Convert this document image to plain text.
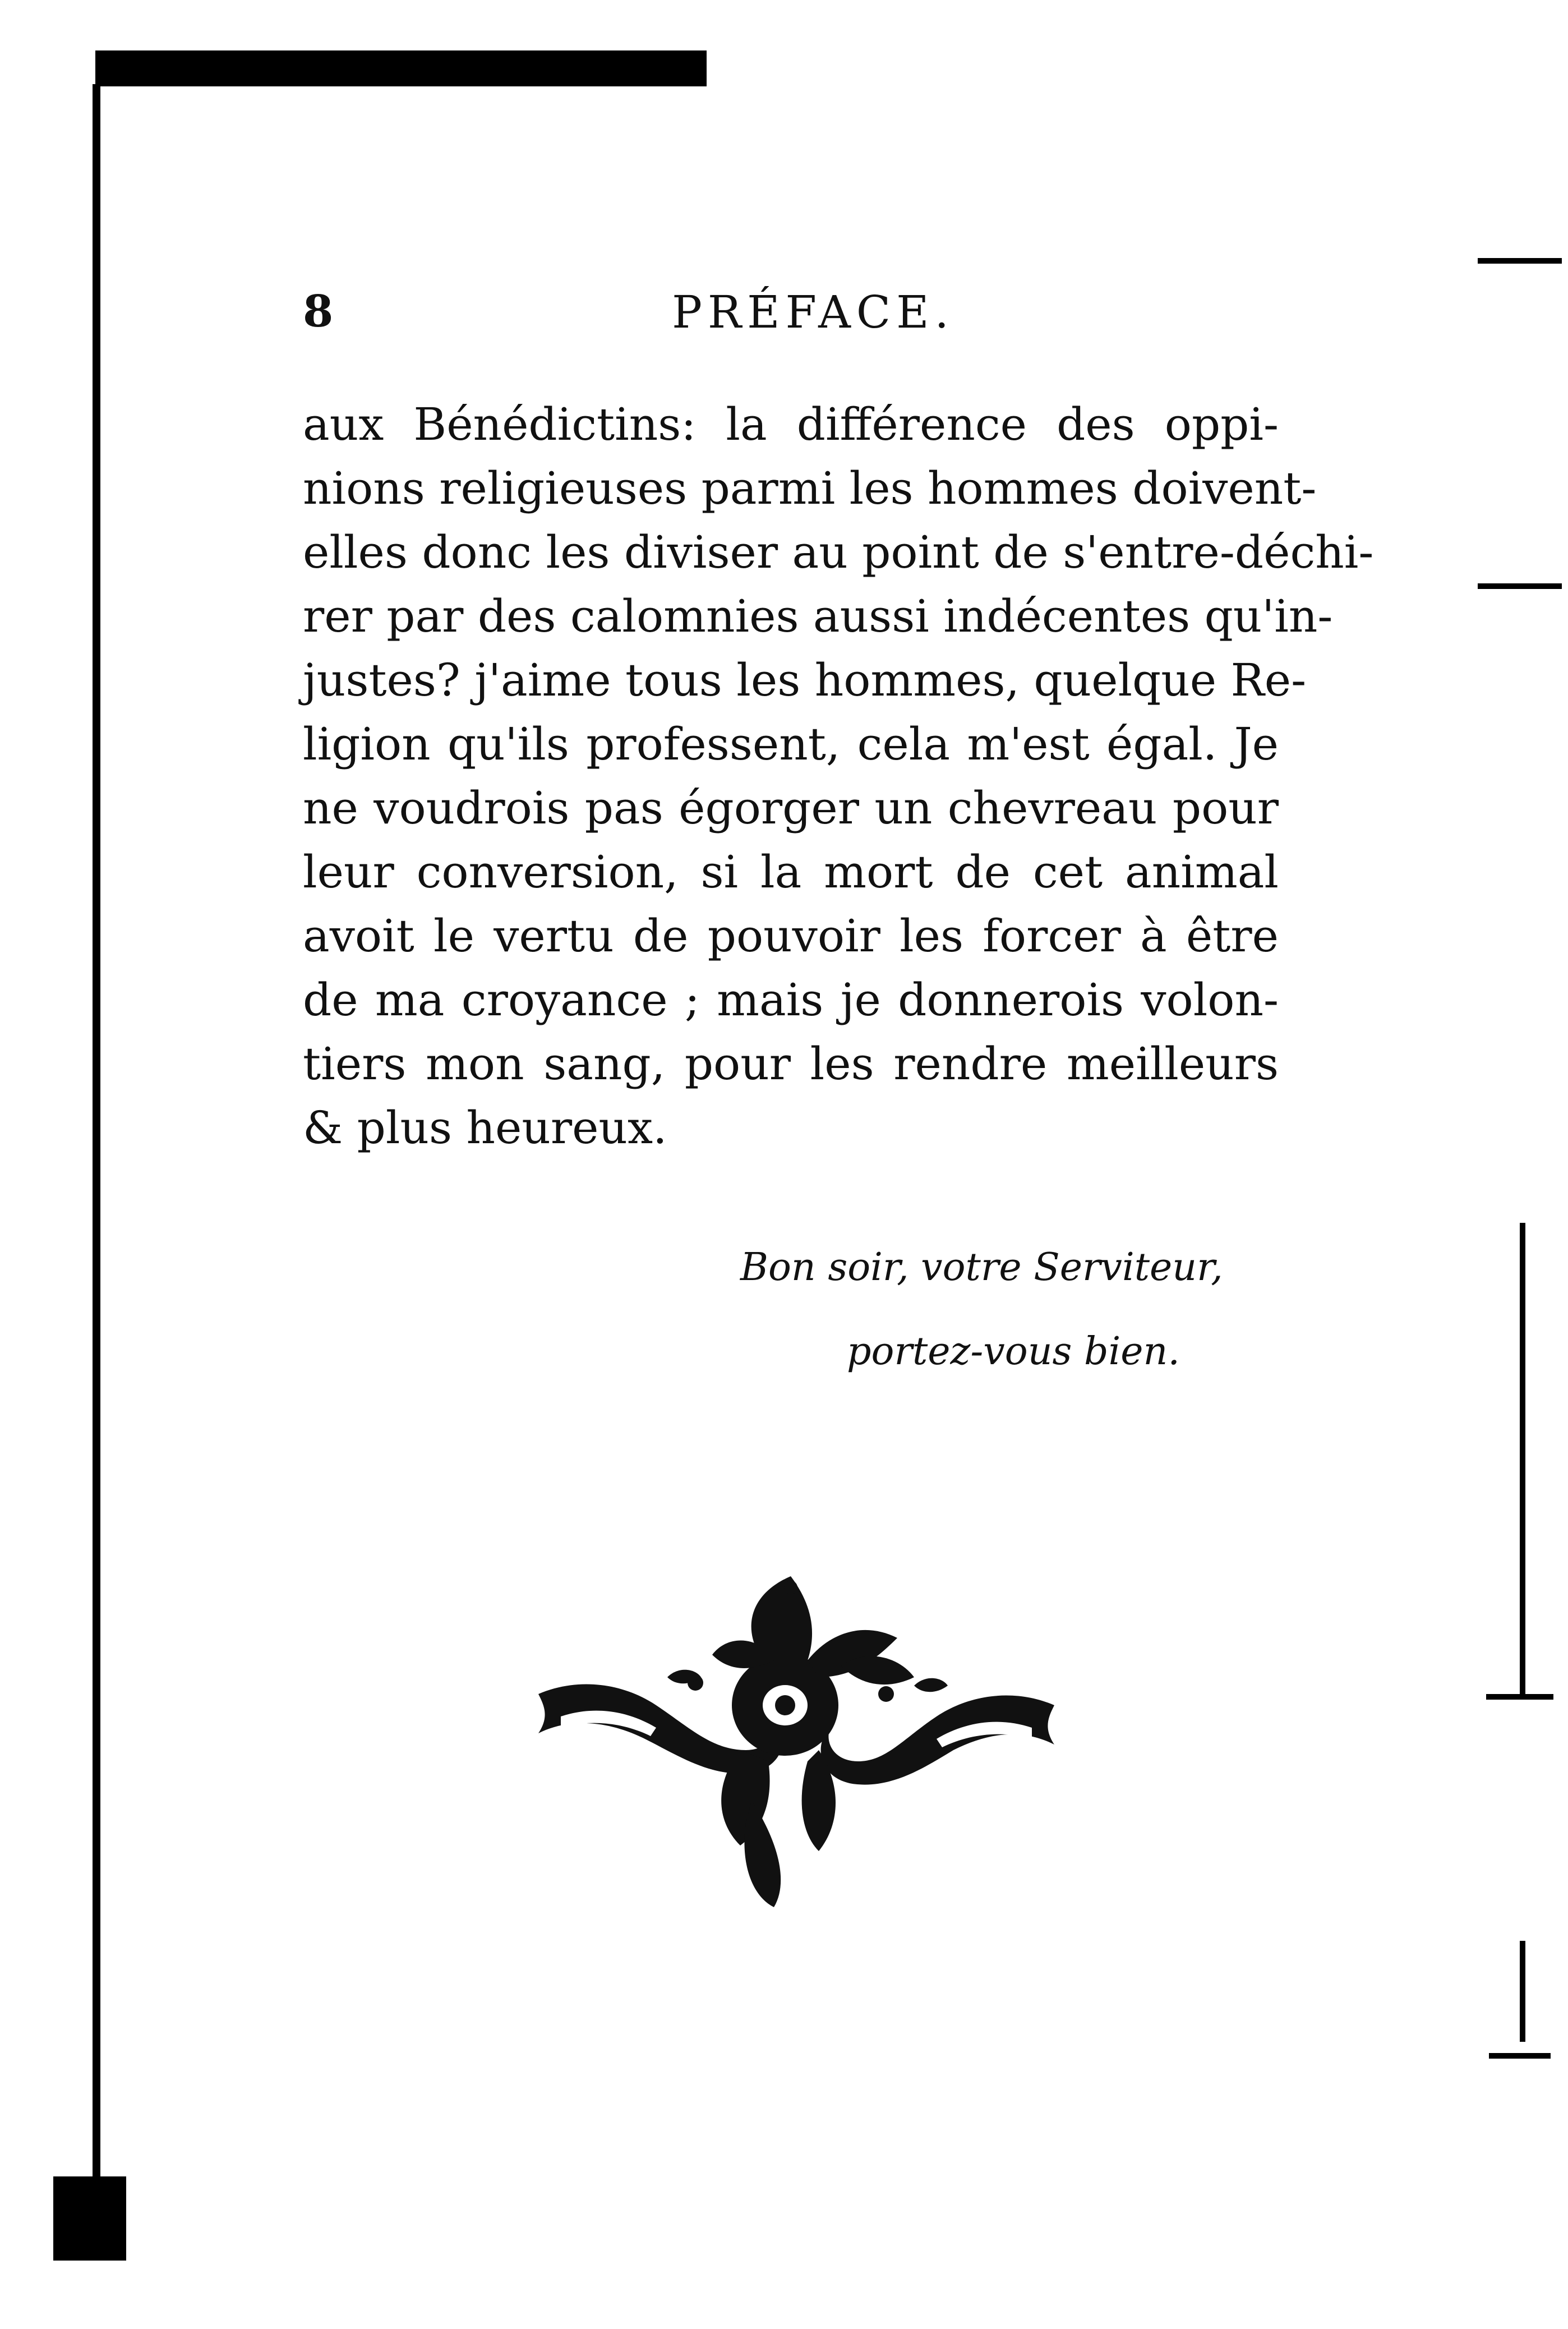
8	PRÉFACE.
aux Bénédictins: la différence des oppi-
nions religieuses parmi les hommes doivent-
elles donc les diviser au point de s'entre-déchi-
rer par des calomnies aussi indécentes qu'in-
justes? j'aime tous les hommes, quelque Re-
ligion qu'ils professent, cela m'est égal. Je
ne voudrois pas égorger un chevreau pour
leur conversion, si la mort de cet animal
avoit le vertu de pouvoir les forcer à être
de ma croyance ; mais je donnerois volon-
tiers mon sang, pour les rendre meilleurs
& plus heureux.
Bon soir, votre Serviteur,
portez-vous bien.
